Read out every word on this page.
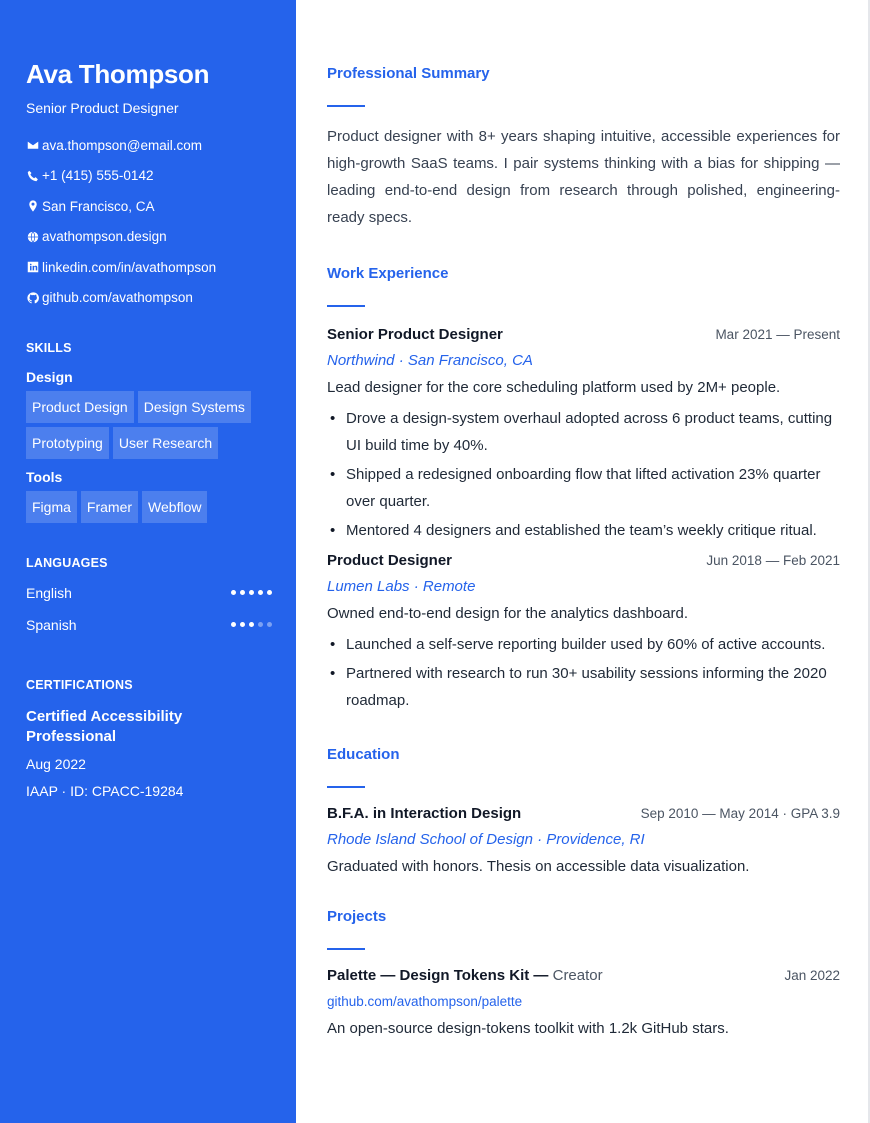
Ava Thompson
Senior Product Designer
ava.thompson@email.com
+1 (415) 555-0142
San Francisco, CA
avathompson.design
linkedin.com/in/avathompson
github.com/avathompson
SKILLS
Design
Product Design	Design Systems
Prototyping	User Research
Tools
Figma	Framer	Webflow
LANGUAGES
English
Spanish
CERTIFICATIONS
Certified Accessibility Professional
Aug 2022
IAAP · ID: CPACC-19284
Professional Summary

Product designer with 8+ years shaping intuitive, accessible experiences for high-growth SaaS teams. I pair systems thinking with a bias for shipping — leading end-to-end design from research through polished, engineering-ready specs.

Work Experience
Senior Product Designer	Mar 2021 — Present
Northwind · San Francisco, CA
Lead designer for the core scheduling platform used by 2M+ people.
• Drove a design-system overhaul adopted across 6 product teams, cutting UI build time by 40%.
• Shipped a redesigned onboarding flow that lifted activation 23% quarter over quarter.
• Mentored 4 designers and established the team’s weekly critique ritual.
Product Designer	Jun 2018 — Feb 2021
Lumen Labs · Remote
Owned end-to-end design for the analytics dashboard.
• Launched a self-serve reporting builder used by 60% of active accounts.
• Partnered with research to run 30+ usability sessions informing the 2020 roadmap.
Education
B.F.A. in Interaction Design	Sep 2010 — May 2014 · GPA 3.9
Rhode Island School of Design · Providence, RI
Graduated with honors. Thesis on accessible data visualization.
Projects
Palette — Design Tokens Kit — Creator	Jan 2022
github.com/avathompson/palette
An open-source design-tokens toolkit with 1.2k GitHub stars.
